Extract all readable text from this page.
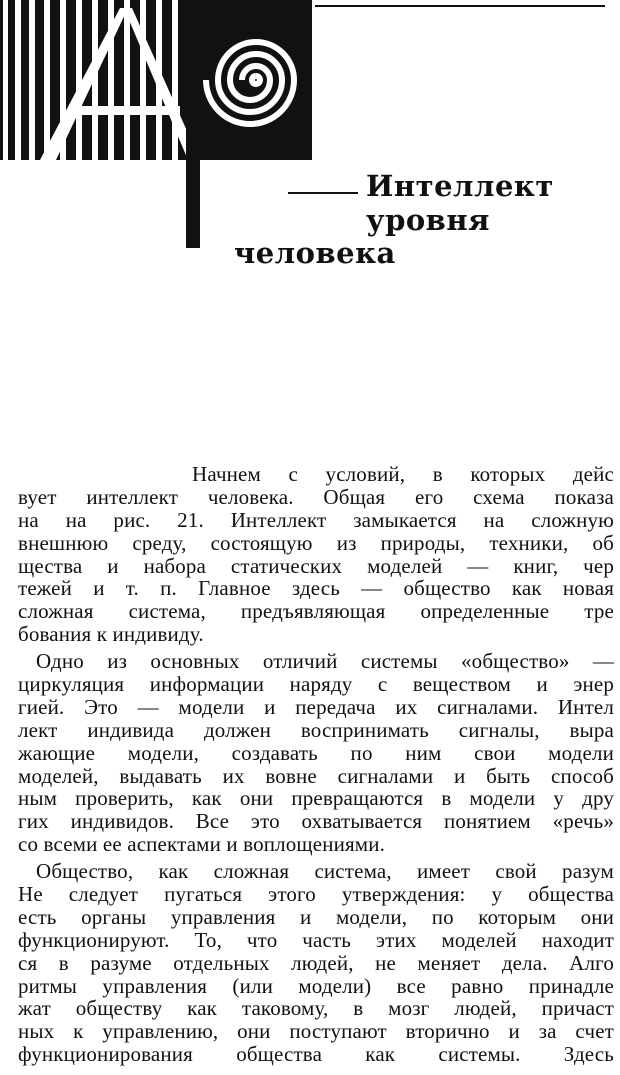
Интеллект
уровня
человека
Начнем с условий, в которых дейс
вует интеллект человека. Общая его схема показа
на на рис. 21. Интеллект замыкается на сложную
внешнюю среду, состоящую из природы, техники, об
щества и набора статических моделей — книг, чер
тежей и т. п. Главное здесь — общество как новая
сложная система, предъявляющая определенные тре
бования к индивиду.
Одно из основных отличий системы «общество» —
циркуляция информации наряду с веществом и энер
гией. Это — модели и передача их сигналами. Интел
лект индивида должен воспринимать сигналы, выра
жающие модели, создавать по ним свои модели
моделей, выдавать их вовне сигналами и быть способ
ным проверить, как они превращаются в модели у дру
гих индивидов. Все это охватывается понятием «речь»
со всеми ее аспектами и воплощениями.
Общество, как сложная система, имеет свой разум
Не следует пугаться этого утверждения: у общества
есть органы управления и модели, по которым они
функционируют. То, что часть этих моделей находит
ся в разуме отдельных людей, не меняет дела. Алго
ритмы управления (или модели) все равно принадле
жат обществу как таковому, в мозг людей, причаст
ных к управлению, они поступают вторично и за счет
функционирования общества как системы. Здесь
